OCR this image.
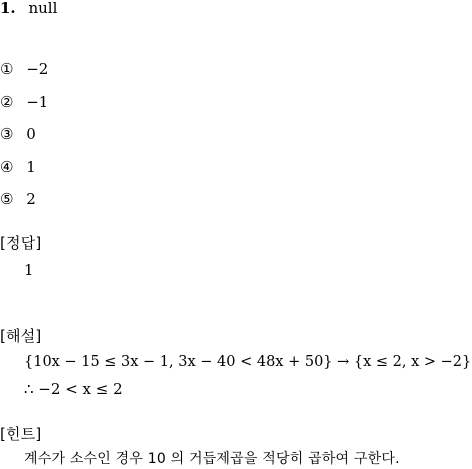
1. null
① −2
② −1
③ 0
④ 1
⑤ 2
[정답]
1
[해설]
{10x − 15 ≤ 3x − 1, 3x − 40 < 48x + 50} → {x ≤ 2, x > −2}
∴ −2 < x ≤ 2
[힌트]
계수가 소수인 경우 10 의 거듭제곱을 적당히 곱하여 구한다.
